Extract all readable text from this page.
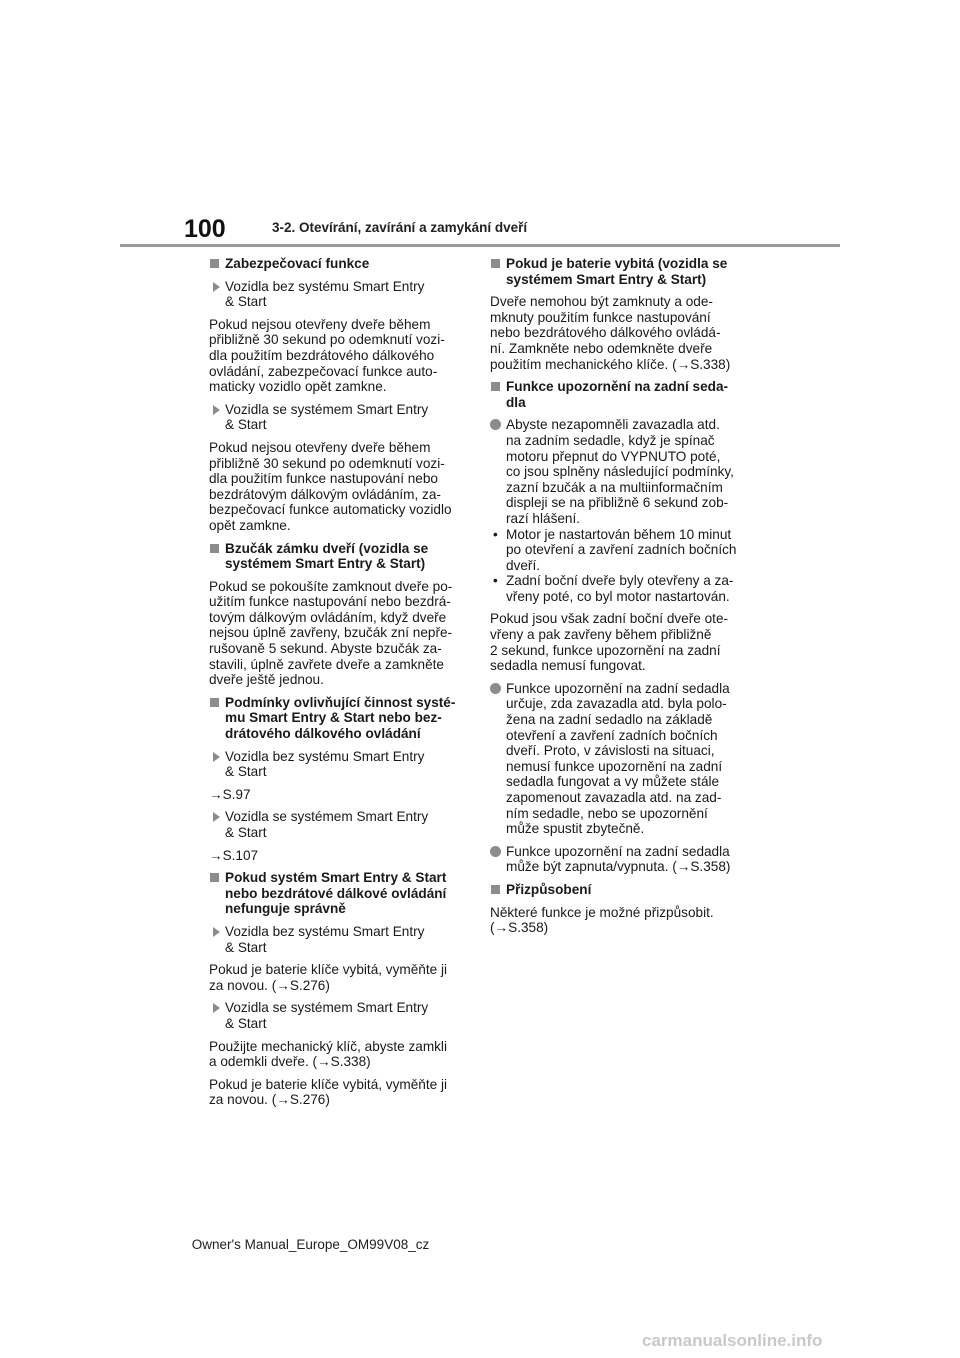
100	3-2. Otevírání, zavírání a zamykání dveří
Zabezpečovací funkce
Vozidla bez systému Smart Entry
& Start
Pokud nejsou otevřeny dveře během
přibližně 30 sekund po odemknutí vozi-
dla použitím bezdrátového dálkového
ovládání, zabezpečovací funkce auto-
maticky vozidlo opět zamkne.
Vozidla se systémem Smart Entry
& Start
Pokud nejsou otevřeny dveře během
přibližně 30 sekund po odemknutí vozi-
dla použitím funkce nastupování nebo
bezdrátovým dálkovým ovládáním, za-
bezpečovací funkce automaticky vozidlo
opět zamkne.
Bzučák zámku dveří (vozidla se
systémem Smart Entry & Start)
Pokud se pokoušíte zamknout dveře po-
užitím funkce nastupování nebo bezdrá-
tovým dálkovým ovládáním, když dveře
nejsou úplně zavřeny, bzučák zní nepře-
rušovaně 5 sekund. Abyste bzučák za-
stavili, úplně zavřete dveře a zamkněte
dveře ještě jednou.
Podmínky ovlivňující činnost systé-
mu Smart Entry & Start nebo bez-
drátového dálkového ovládání
Vozidla bez systému Smart Entry
& Start
→S.97
Vozidla se systémem Smart Entry
& Start
→S.107
Pokud systém Smart Entry & Start
nebo bezdrátové dálkové ovládání
nefunguje správně
Vozidla bez systému Smart Entry
& Start
Pokud je baterie klíče vybitá, vyměňte ji
za novou. (→S.276)
Vozidla se systémem Smart Entry
& Start
Použijte mechanický klíč, abyste zamkli
a odemkli dveře. (→S.338)
Pokud je baterie klíče vybitá, vyměňte ji
za novou. (→S.276)
Pokud je baterie vybitá (vozidla se
systémem Smart Entry & Start)
Dveře nemohou být zamknuty a ode-
mknuty použitím funkce nastupování
nebo bezdrátového dálkového ovládá-
ní. Zamkněte nebo odemkněte dveře
použitím mechanického klíče. (→S.338)
Funkce upozornění na zadní seda-
dla
Abyste nezapomněli zavazadla atd.
na zadním sedadle, když je spínač
motoru přepnut do VYPNUTO poté,
co jsou splněny následující podmínky,
zazní bzučák a na multiinformačním
displeji se na přibližně 6 sekund zob-
razí hlášení.
• Motor je nastartován během 10 minut
po otevření a zavření zadních bočních
dveří.
• Zadní boční dveře byly otevřeny a za-
vřeny poté, co byl motor nastartován.
Pokud jsou však zadní boční dveře ote-
vřeny a pak zavřeny během přibližně
2 sekund, funkce upozornění na zadní
sedadla nemusí fungovat.
Funkce upozornění na zadní sedadla
určuje, zda zavazadla atd. byla polo-
žena na zadní sedadlo na základě
otevření a zavření zadních bočních
dveří. Proto, v závislosti na situaci,
nemusí funkce upozornění na zadní
sedadla fungovat a vy můžete stále
zapomenout zavazadla atd. na zad-
ním sedadle, nebo se upozornění
může spustit zbytečně.
Funkce upozornění na zadní sedadla
může být zapnuta/vypnuta. (→S.358)
Přizpůsobení
Některé funkce je možné přizpůsobit.
(→S.358)
Owner's Manual_Europe_OM99V08_cz
carmanualsonline.info
